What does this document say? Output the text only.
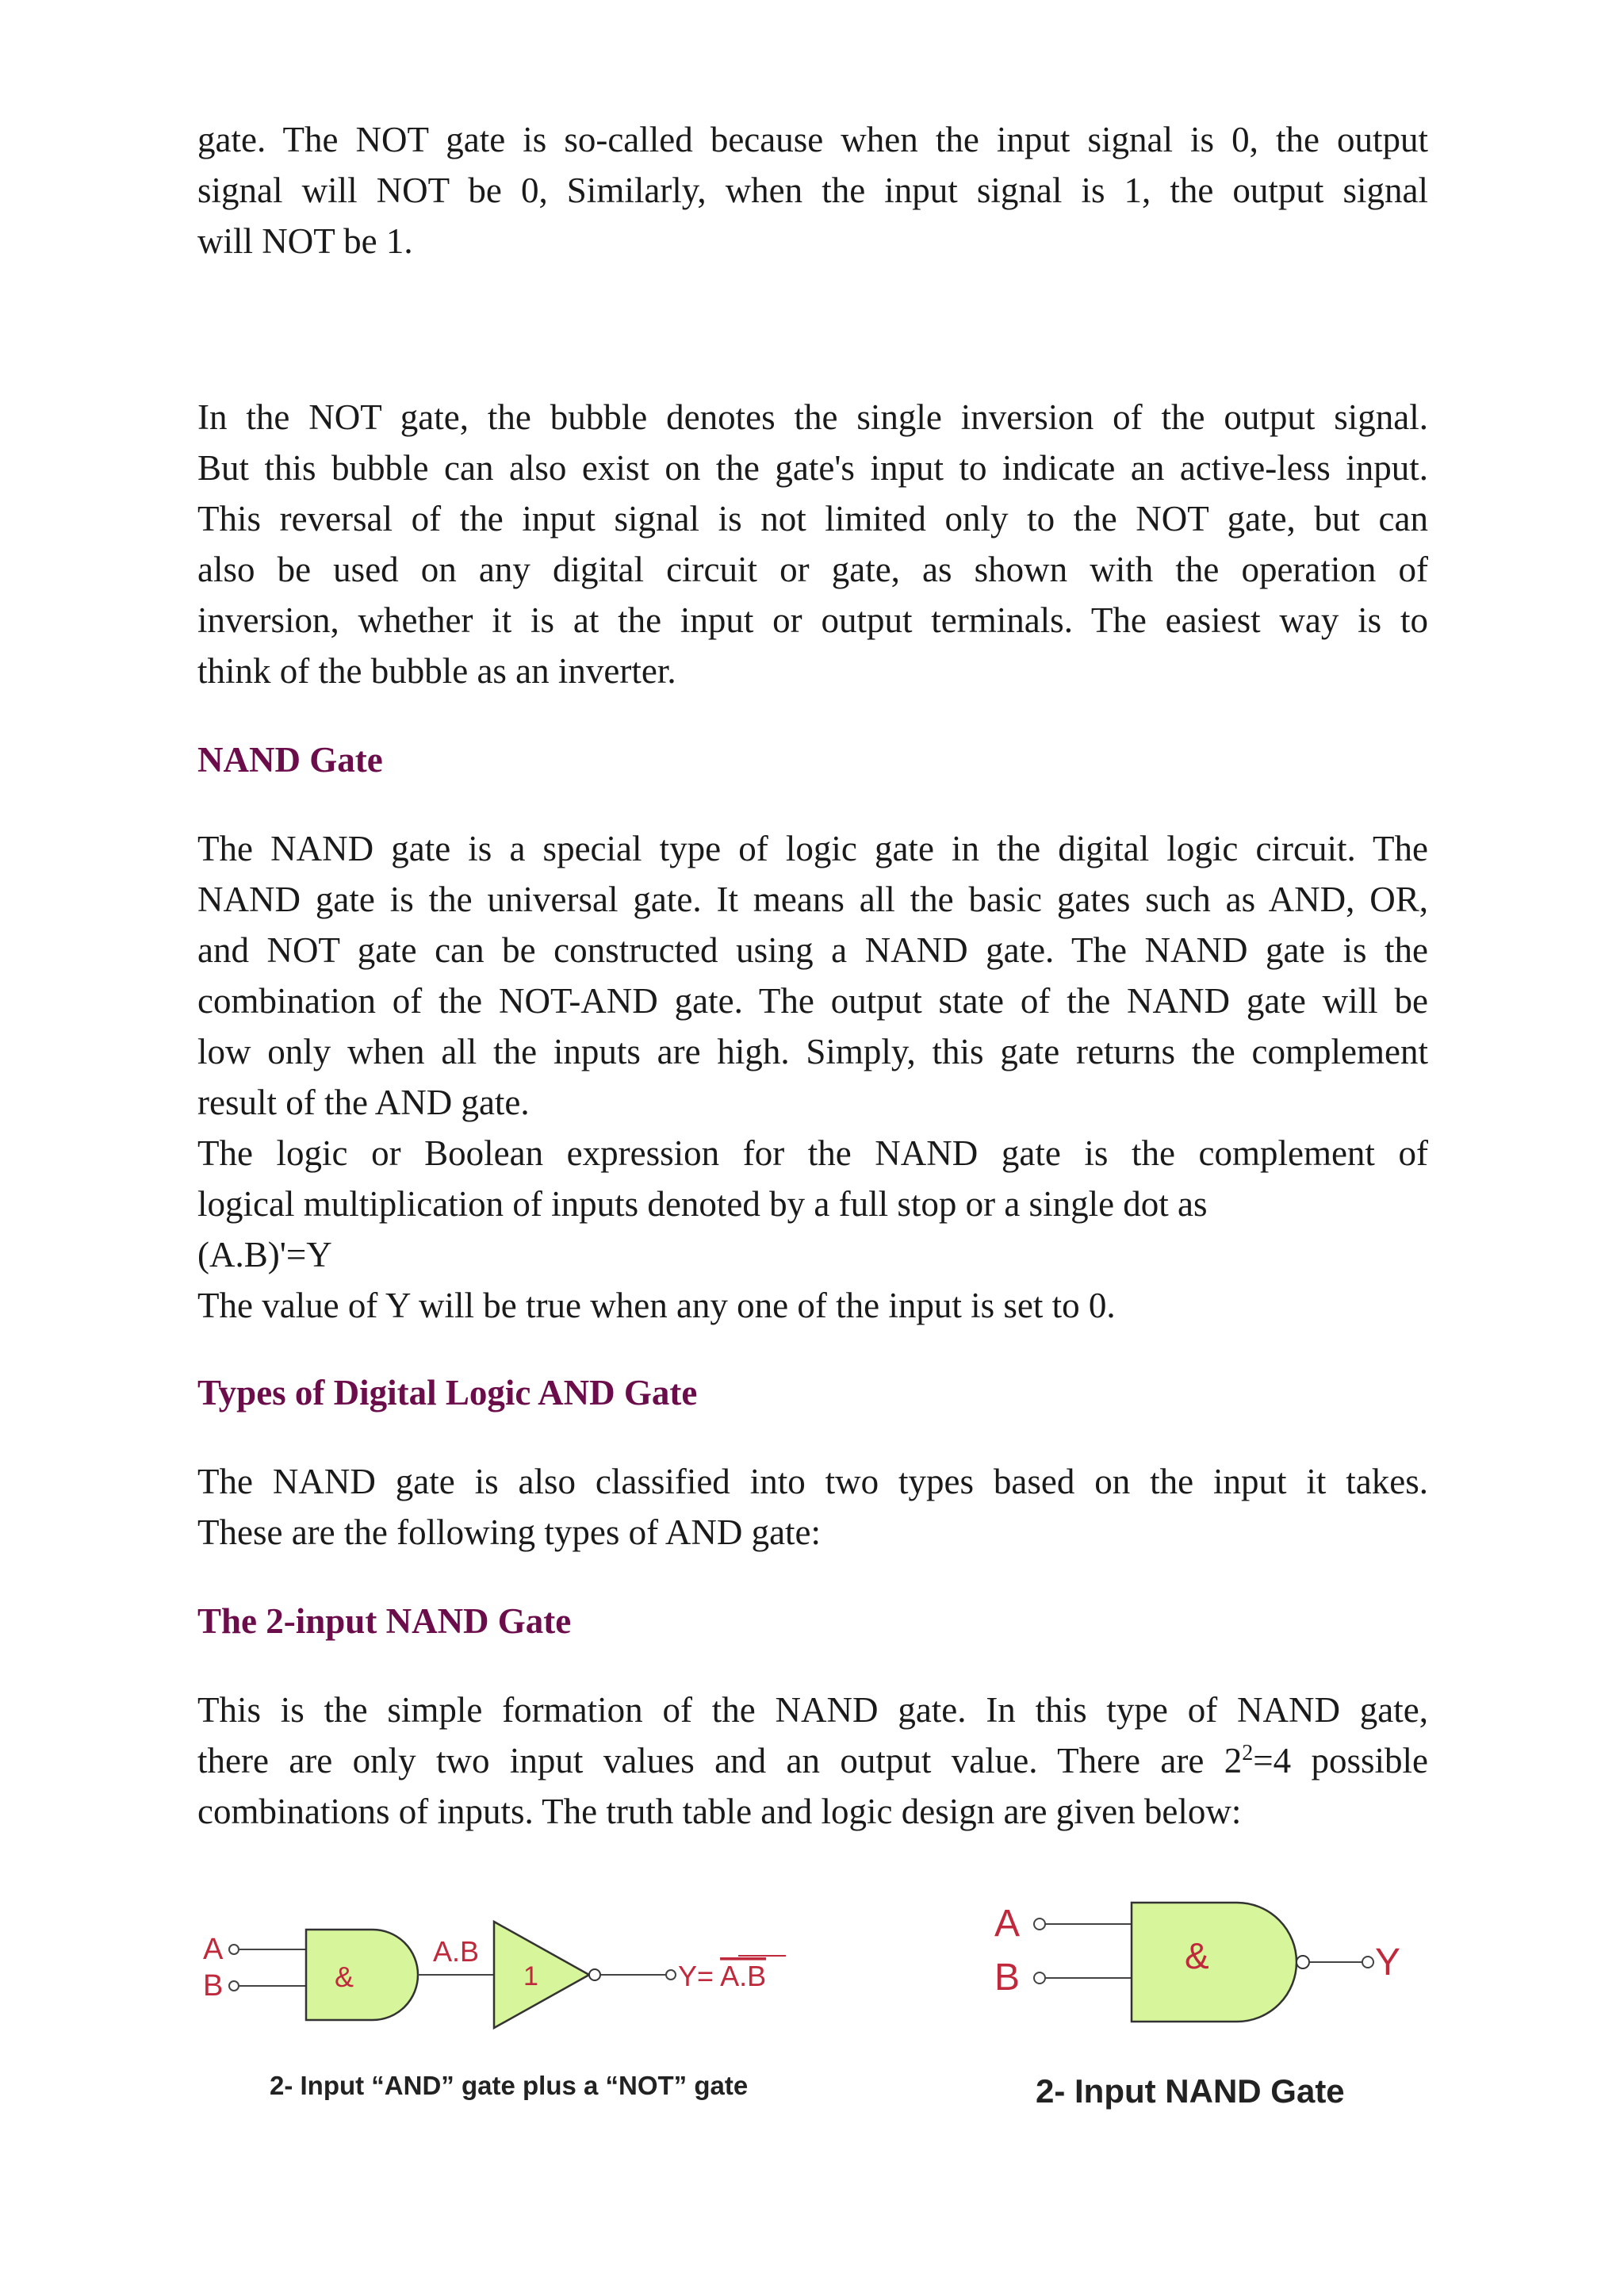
gate. The NOT gate is so-called because when the input signal is 0, the output
signal will NOT be 0, Similarly, when the input signal is 1, the output signal
will NOT be 1.
In the NOT gate, the bubble denotes the single inversion of the output signal.
But this bubble can also exist on the gate's input to indicate an active-less input.
This reversal of the input signal is not limited only to the NOT gate, but can
also be used on any digital circuit or gate, as shown with the operation of
inversion, whether it is at the input or output terminals. The easiest way is to
think of the bubble as an inverter.
NAND Gate
The NAND gate is a special type of logic gate in the digital logic circuit. The
NAND gate is the universal gate. It means all the basic gates such as AND, OR,
and NOT gate can be constructed using a NAND gate. The NAND gate is the
combination of the NOT-AND gate. The output state of the NAND gate will be
low only when all the inputs are high. Simply, this gate returns the complement
result of the AND gate.
The logic or Boolean expression for the NAND gate is the complement of
logical multiplication of inputs denoted by a full stop or a single dot as
(A.B)'=Y
The value of Y will be true when any one of the input is set to 0.
Types of Digital Logic AND Gate
The NAND gate is also classified into two types based on the input it takes.
These are the following types of AND gate:
The 2-input NAND Gate
This is the simple formation of the NAND gate. In this type of NAND gate,
there are only two input values and an output value. There are $2^2=4$ possible
combinations of inputs. The truth table and logic design are given below:
A
B	&
A.B
1	Y= A.B
2- Input “AND” gate plus a “NOT” gate
A
B
&	Y
2- Input NAND Gate
